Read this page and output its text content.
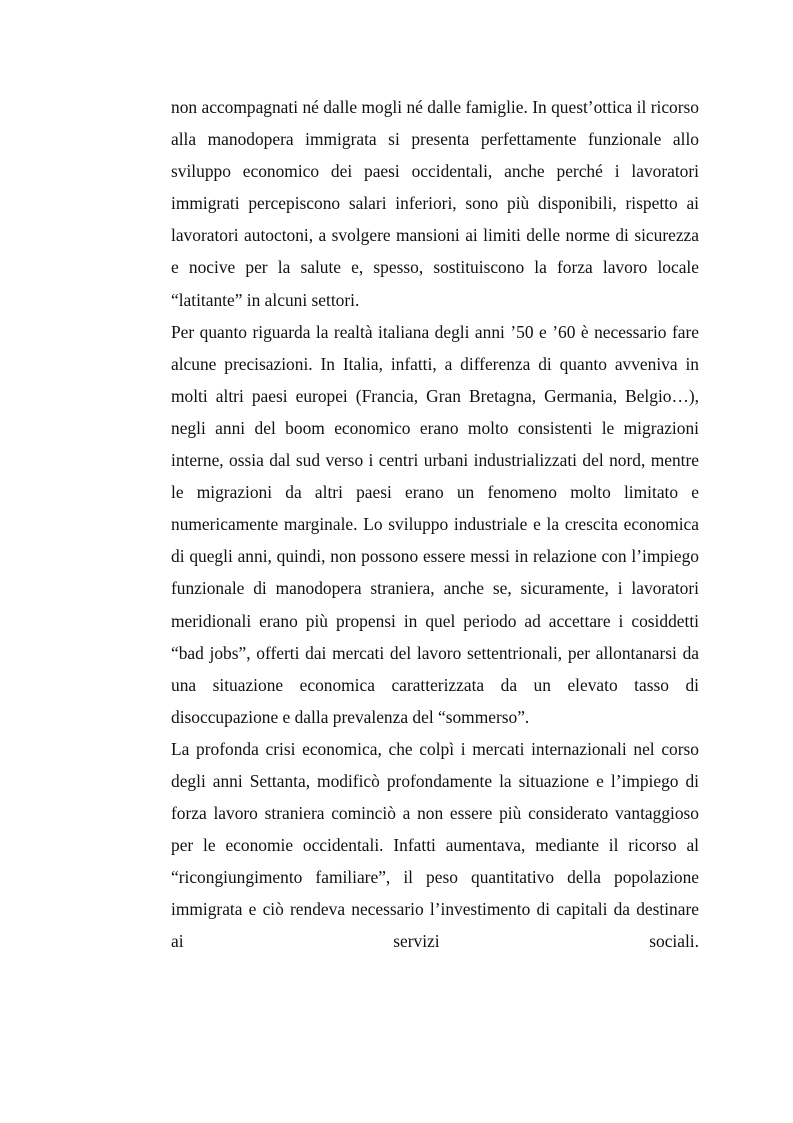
non accompagnati né dalle mogli né dalle famiglie. In quest’ottica il ricorso alla manodopera immigrata si presenta perfettamente funzionale allo sviluppo economico dei paesi occidentali, anche perché i lavoratori immigrati percepiscono salari inferiori, sono più disponibili, rispetto ai lavoratori autoctoni, a svolgere mansioni ai limiti delle norme di sicurezza e nocive per la salute e, spesso, sostituiscono la forza lavoro locale “latitante” in alcuni settori.

Per quanto riguarda la realtà italiana degli anni ’50 e ’60 è necessario fare alcune precisazioni. In Italia, infatti, a differenza di quanto avveniva in molti altri paesi europei (Francia, Gran Bretagna, Germania, Belgio…), negli anni del boom economico erano molto consistenti le migrazioni interne, ossia dal sud verso i centri urbani industrializzati del nord, mentre le migrazioni da altri paesi erano un fenomeno molto limitato e numericamente marginale. Lo sviluppo industriale e la crescita economica di quegli anni, quindi, non possono essere messi in relazione con l’impiego funzionale di manodopera straniera, anche se, sicuramente, i lavoratori meridionali erano più propensi in quel periodo ad accettare i cosiddetti “bad jobs”, offerti dai mercati del lavoro settentrionali, per allontanarsi da una situazione economica caratterizzata da un elevato tasso di disoccupazione e dalla prevalenza del “sommerso”.

La profonda crisi economica, che colpì i mercati internazionali nel corso degli anni Settanta, modificò profondamente la situazione e l’impiego di forza lavoro straniera cominciò a non essere più considerato vantaggioso per le economie occidentali. Infatti aumentava, mediante il ricorso al “ricongiungimento familiare”, il peso quantitativo della popolazione immigrata e ciò rendeva necessario l’investimento di capitali da destinare ai servizi sociali.
